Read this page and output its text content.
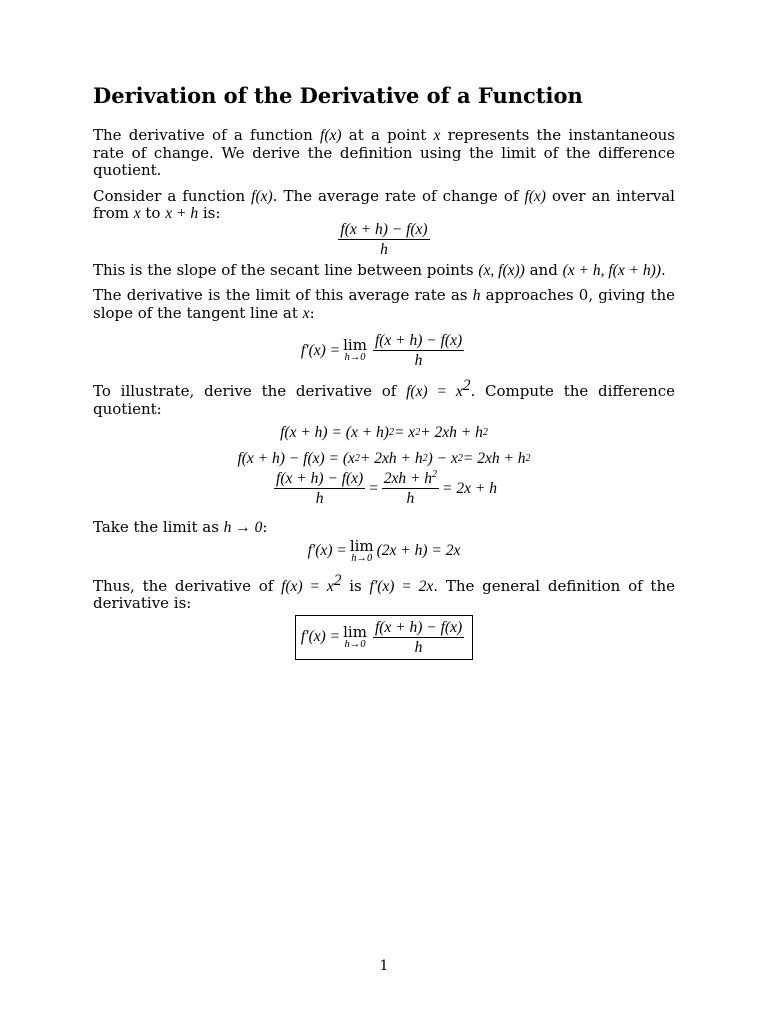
Derivation of the Derivative of a Function

The derivative of a function f(x) at a point x represents the instantaneous rate of change. We derive the definition using the limit of the difference quotient.

Consider a function f(x). The average rate of change of f(x) over an interval from x to x + h is:

$\frac{f(x + h) - f(x)}{h}$

This is the slope of the secant line between points (x, f(x)) and (x + h, f(x + h)).

The derivative is the limit of this average rate as h approaches 0, giving the slope of the tangent line at x:

f′(x) = lim
$h\to 0 \frac{f(x + h) - f(x)}{h}$

To illustrate, derive the derivative of $f(x) = x^2$. Compute the difference quotient:

f(x + h) = (x + h) 2 = x 2 + 2xh + h 2
f(x + h) − f(x) = (x 2 + 2xh + h 2 ) − x 2 = 2xh + h 2
$\frac{f(x + h) - f(x)}{h} = \frac{2xh + h^2}{h} = 2x + h$

Take the limit as h → 0:

f′(x) = lim
h→0 (2x + h) = 2x

Thus, the derivative of $f(x) = x^2$ is f′(x) = 2x. The general definition of the derivative is:

f′(x) = lim
$h\to 0 \frac{f(x + h) - f(x)}{h}$
1
